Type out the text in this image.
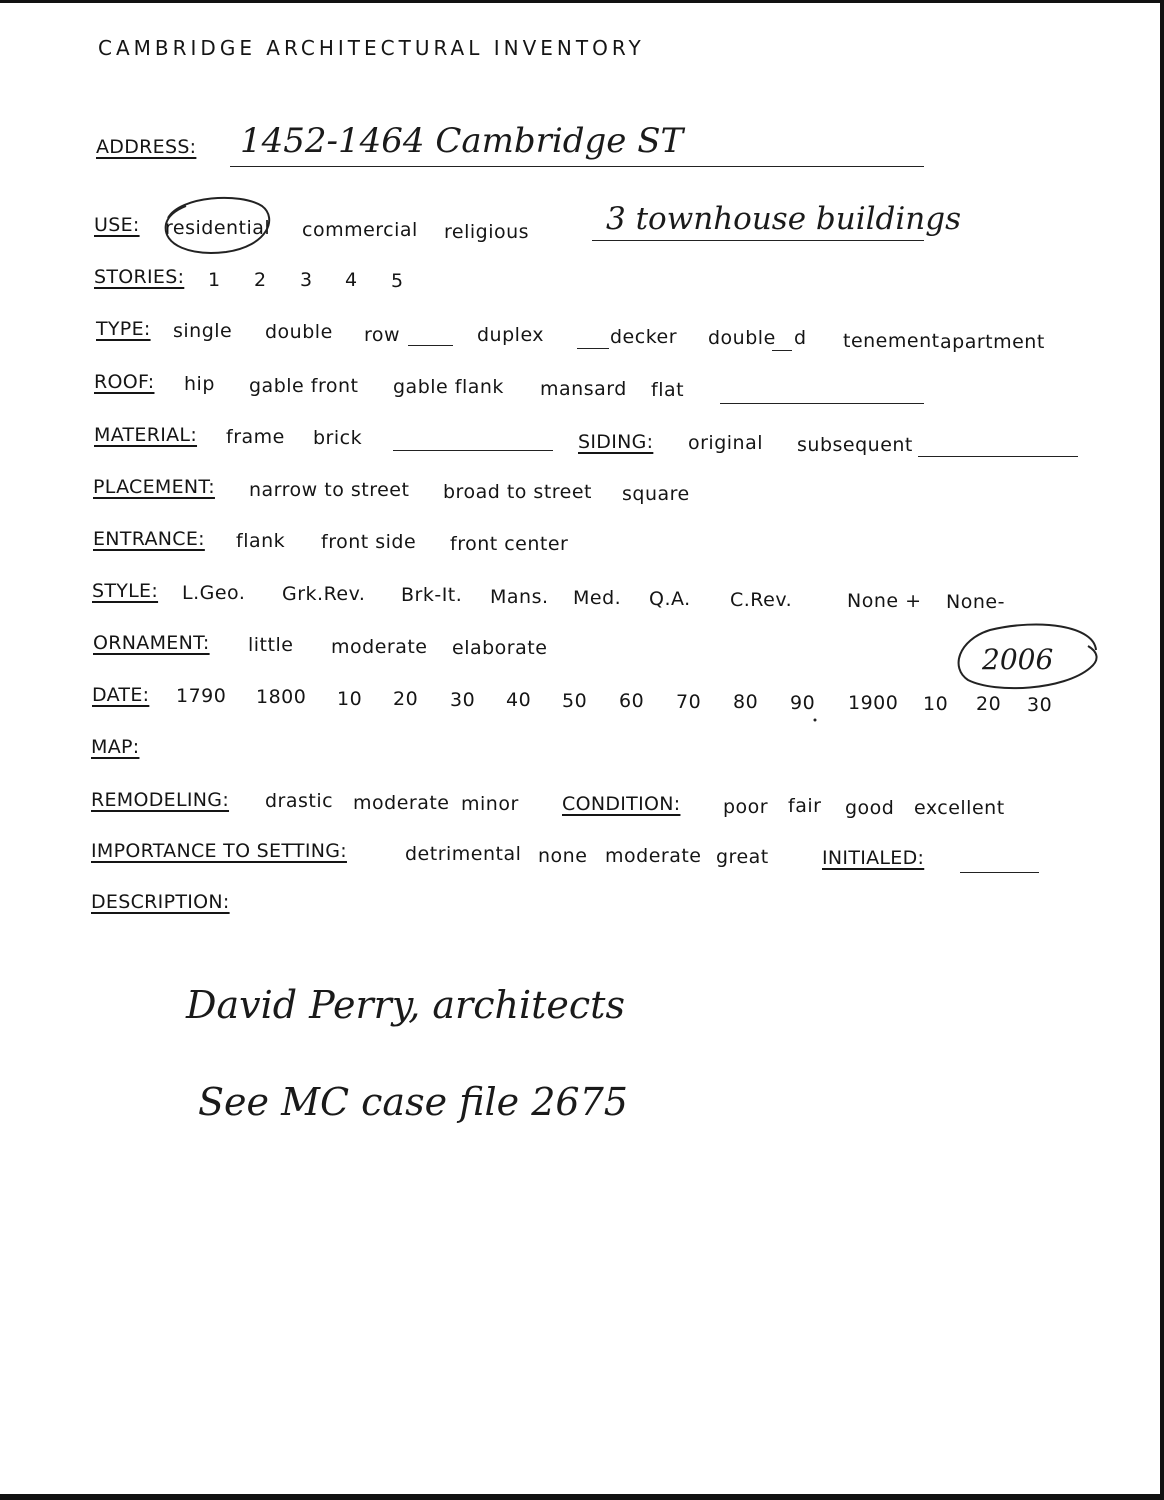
CAMBRIDGE ARCHITECTURAL INVENTORY
ADDRESS: 1452-1464 Cambridge ST
USE: residential commercial religious 3 townhouse buildings
STORIES: 1 2 3 4 5
TYPE: single double row	duplex	decker double d tenement apartment
ROOF: hip gable front gable flank mansard flat
MATERIAL: frame brick	SIDING: original subsequent
PLACEMENT: narrow to street broad to street square
ENTRANCE: flank front side front center
STYLE: L.Geo. Grk.Rev. Brk-It. Mans. Med. Q.A. C.Rev.	None + None-
ORNAMENT: little moderate elaborate	2006
DATE: 1790 1800 10 20 30 40 50 60 70 80 90 1900 10 20 30
MAP:
REMODELING: drastic moderate minor CONDITION: poor fair good excellent
IMPORTANCE TO SETTING:	detrimental none moderate great	INITIALED:
DESCRIPTION:
David Perry, architects
See MC case file 2675
